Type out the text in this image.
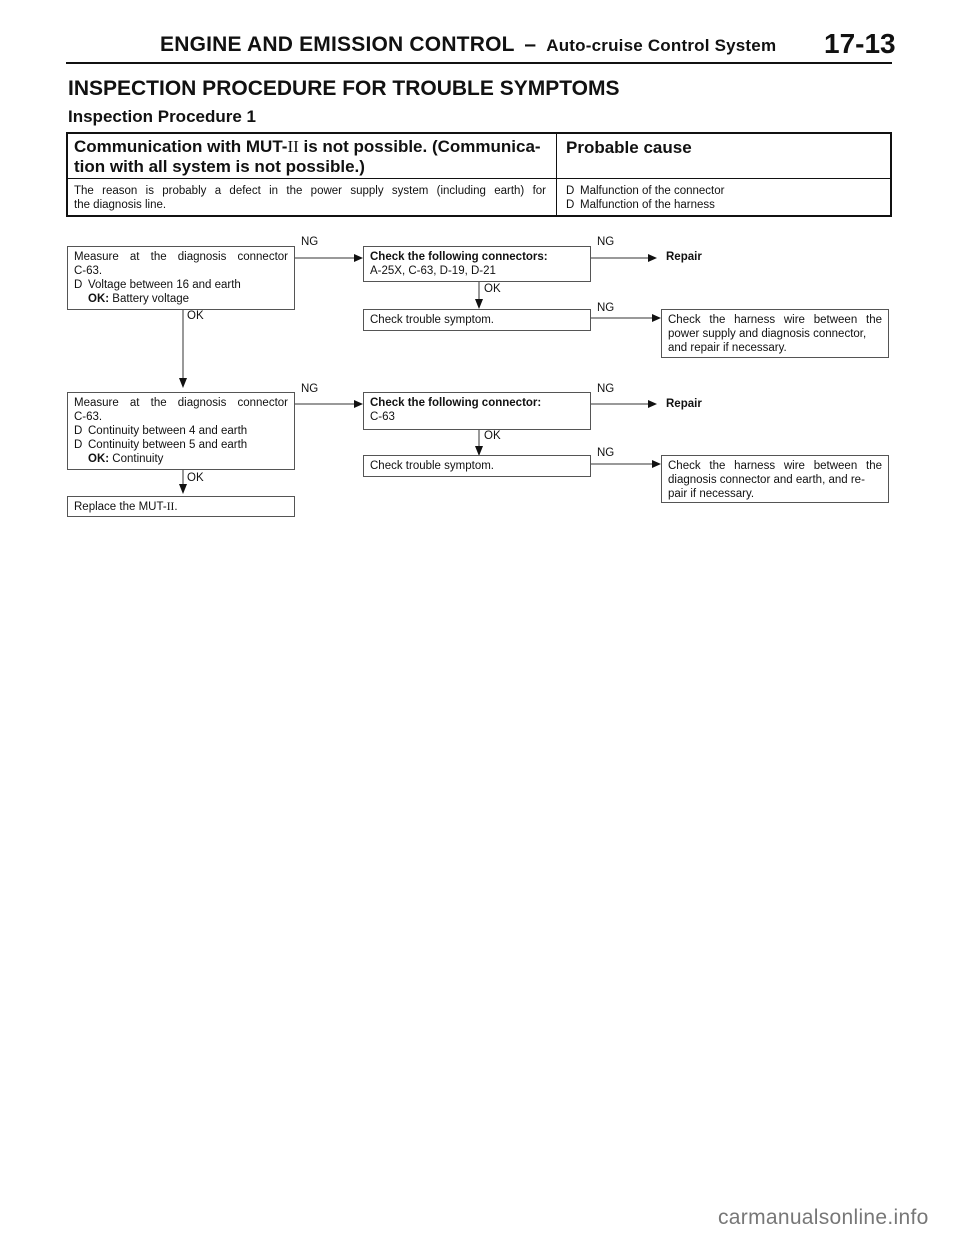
ENGINE AND EMISSION CONTROL – Auto-cruise Control System 17-13
INSPECTION PROCEDURE FOR TROUBLE SYMPTOMS
Inspection Procedure 1
Communication with MUT-II is not possible. (Communica-
tion with all system is not possible.)
Probable cause
The reason is probably a defect in the power supply system (including earth) for
the diagnosis line.
D Malfunction of the connector
D Malfunction of the harness
Measure at the diagnosis connector
C-63.
D Voltage between 16 and earth
OK: Battery voltage
NG
Check the following connectors:
A-25X, C-63, D-19, D-21
NG
Repair
OK
Check trouble symptom.
NG
Check the harness wire between the
power supply and diagnosis connector,
and repair if necessary.
OK
Measure at the diagnosis connector
C-63.
D Continuity between 4 and earth
D Continuity between 5 and earth
OK: Continuity
NG
Check the following connector:
C-63
NG
Repair
OK
Check trouble symptom.
NG
Check the harness wire between the
diagnosis connector and earth, and re-
pair if necessary.
OK
Replace the MUT-II.
carmanualsonline.info
